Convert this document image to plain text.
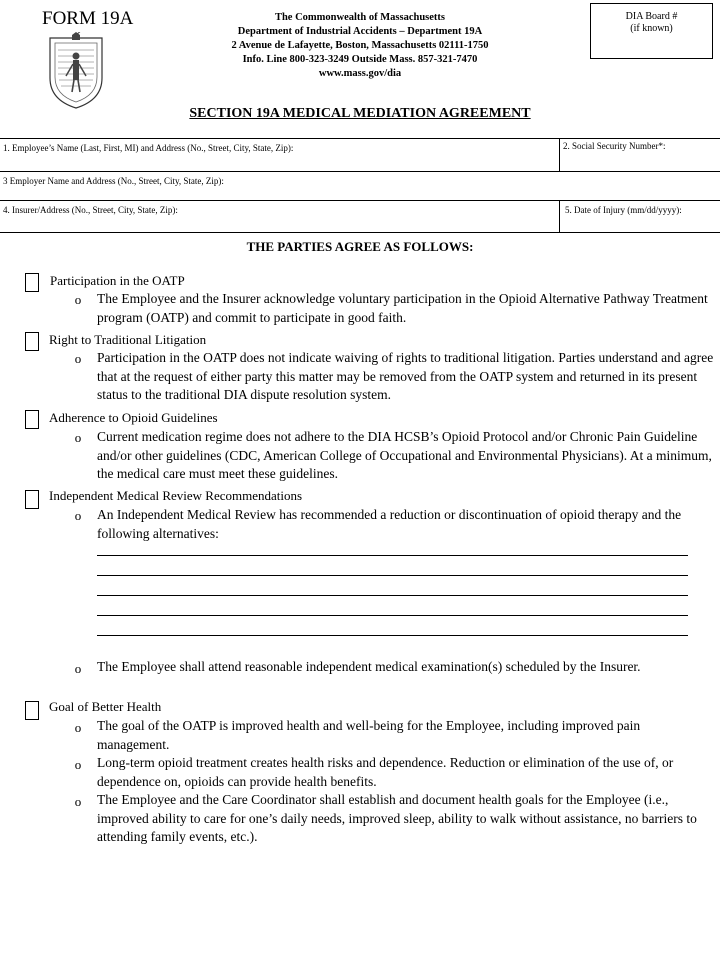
FORM 19A	The Commonwealth of Massachusetts
Department of Industrial Accidents – Department 19A
2 Avenue de Lafayette, Boston, Massachusetts 02111-1750
Info. Line 800-323-3249 Outside Mass. 857-321-7470
www.mass.gov/dia
DIA Board #
(if known)
SECTION 19A MEDICAL MEDIATION AGREEMENT
1. Employee’s Name (Last, First, MI) and Address (No., Street, City, State, Zip):	2. Social Security Number*:
3 Employer Name and Address (No., Street, City, State, Zip):
4. Insurer/Address (No., Street, City, State, Zip):	5. Date of Injury (mm/dd/yyyy):
THE PARTIES AGREE AS FOLLOWS:
Participation in the OATP
o The Employee and the Insurer acknowledge voluntary participation in the Opioid Alternative Pathway Treatment program (OATP) and commit to participate in good faith.
Right to Traditional Litigation
o Participation in the OATP does not indicate waiving of rights to traditional litigation. Parties understand and agree that at the request of either party this matter may be removed from the OATP system and returned in its present status to the traditional DIA dispute resolution system.
Adherence to Opioid Guidelines
o Current medication regime does not adhere to the DIA HCSB’s Opioid Protocol and/or Chronic Pain Guideline and/or other guidelines (CDC, American College of Occupational and Environmental Physicians). At a minimum, the medical care must meet these guidelines.
Independent Medical Review Recommendations
o An Independent Medical Review has recommended a reduction or discontinuation of opioid therapy and the following alternatives:
o The Employee shall attend reasonable independent medical examination(s) scheduled by the Insurer.
Goal of Better Health
o The goal of the OATP is improved health and well-being for the Employee, including improved pain management.
o Long-term opioid treatment creates health risks and dependence. Reduction or elimination of the use of, or dependence on, opioids can provide health benefits.
o The Employee and the Care Coordinator shall establish and document health goals for the Employee (i.e., improved ability to care for one’s daily needs, improved sleep, ability to walk without assistance, no barriers to attending family events, etc.).
